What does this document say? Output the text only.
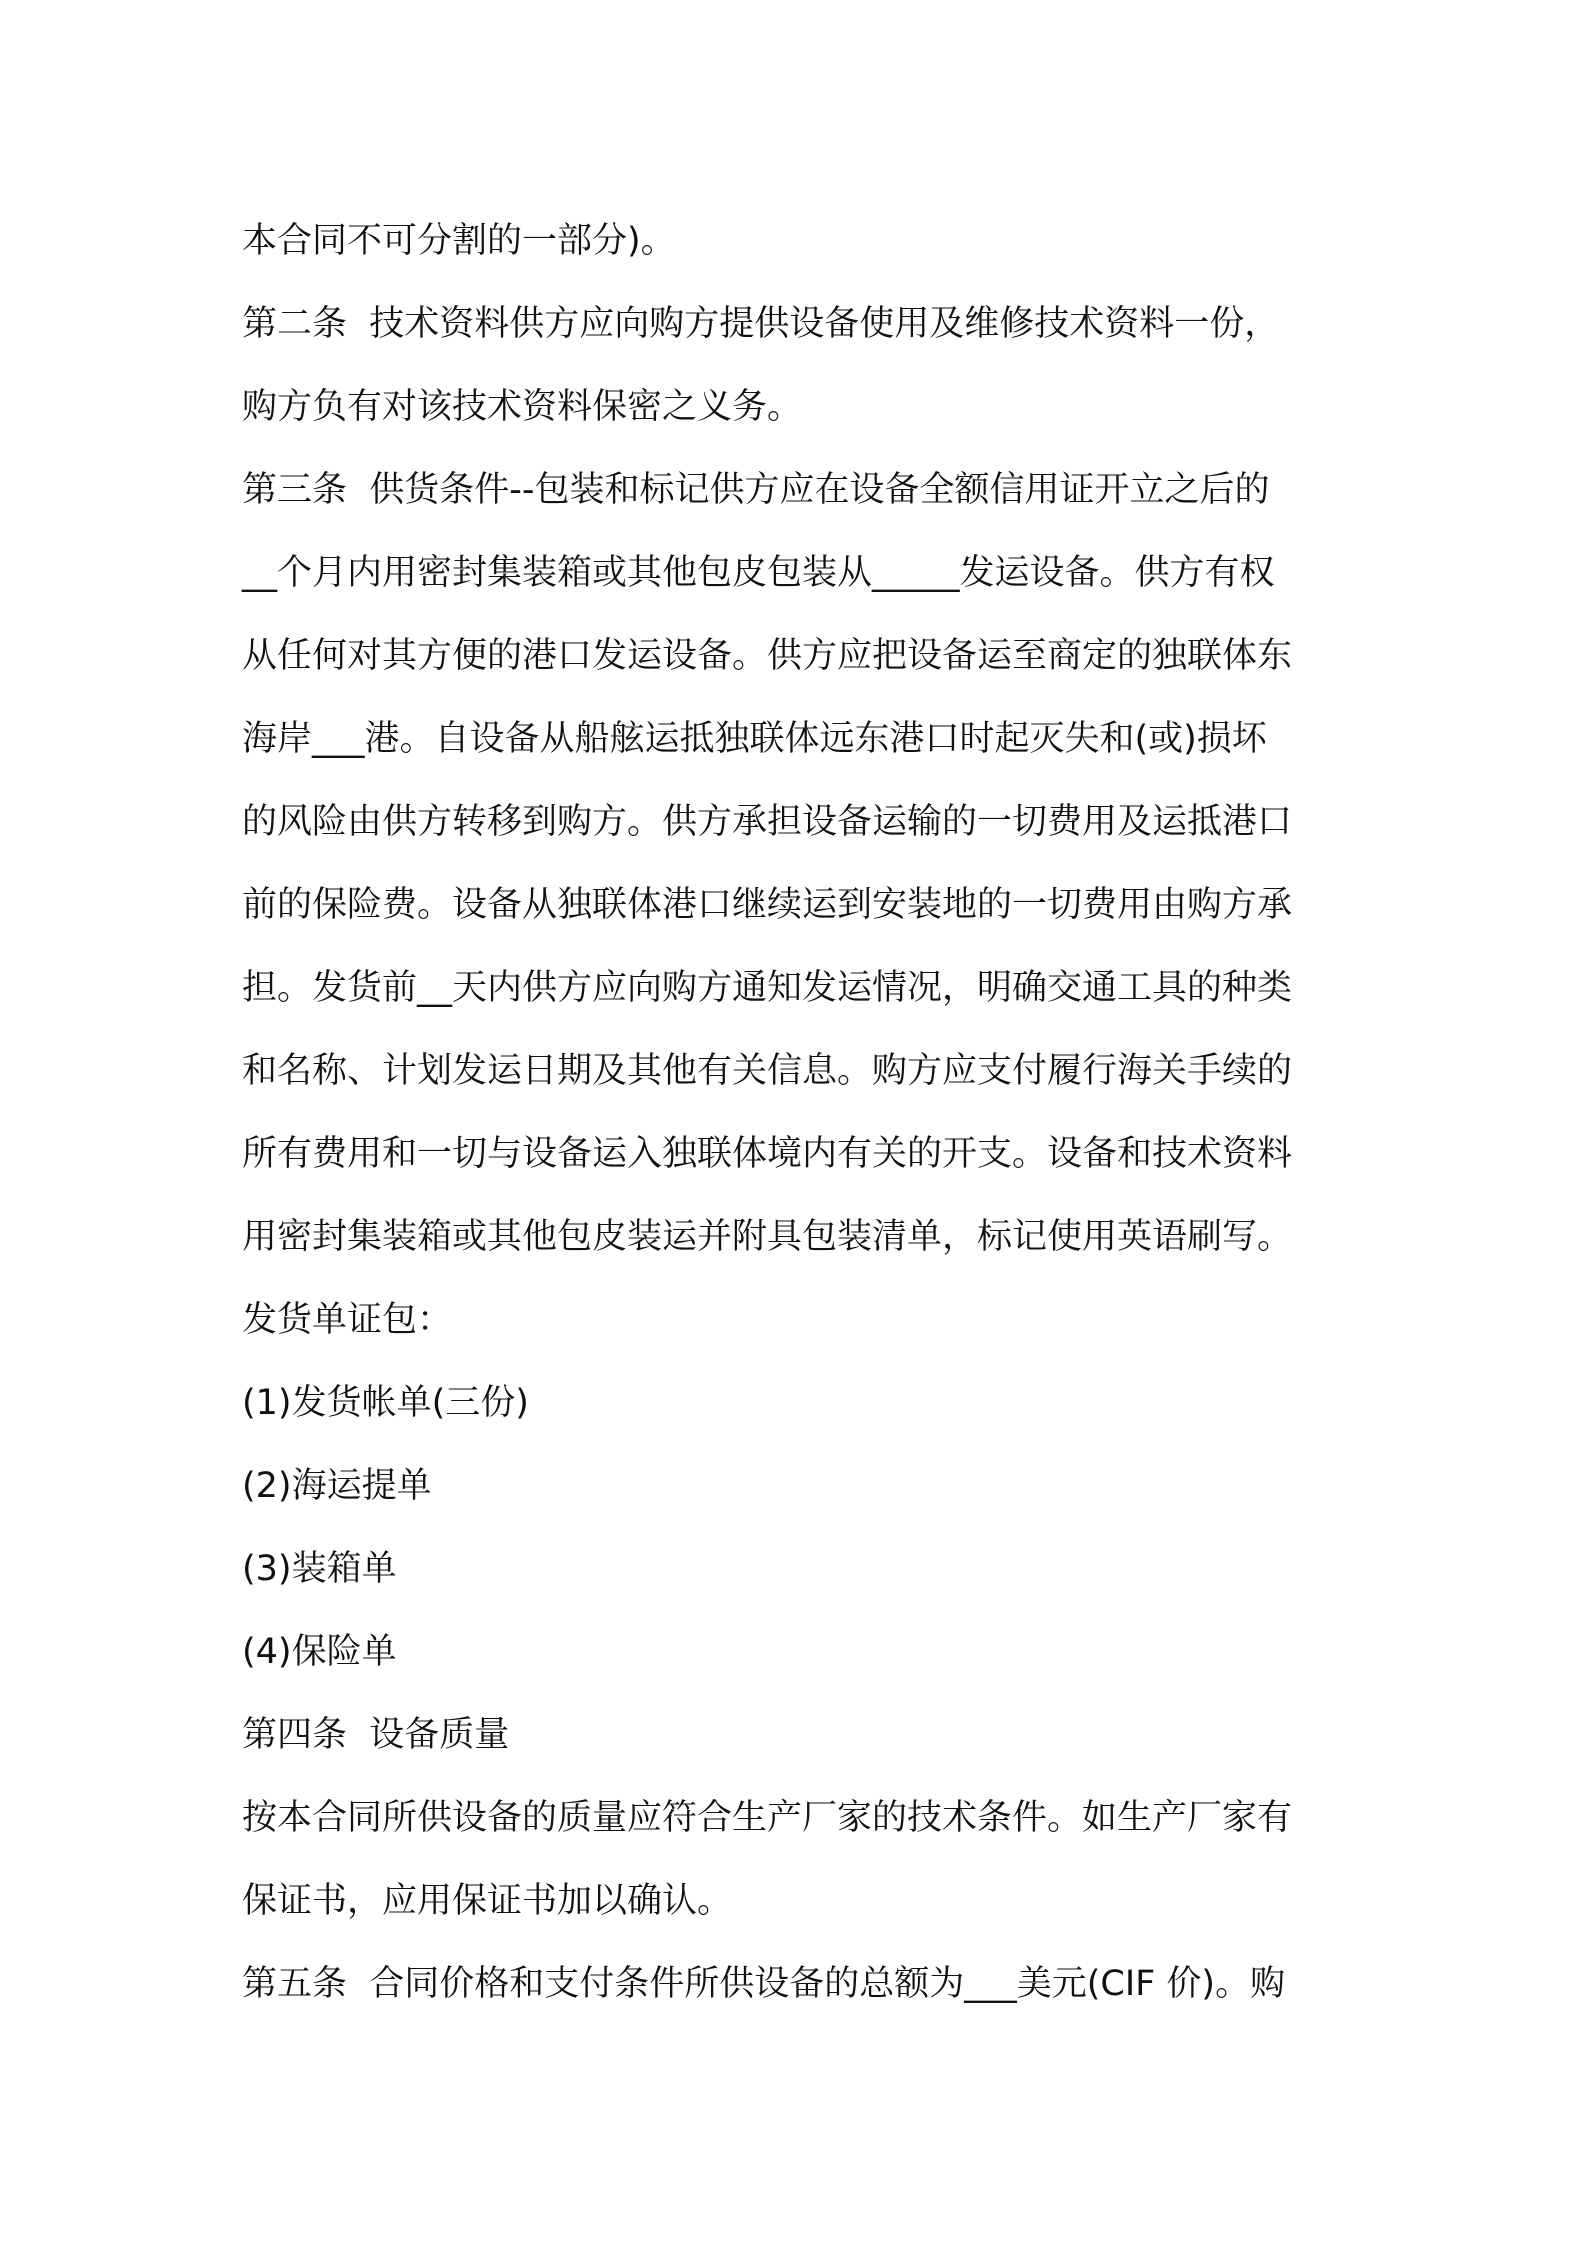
本合同不可分割的一部分)。
第二条  技术资料供方应向购方提供设备使用及维修技术资料一份，
购方负有对该技术资料保密之义务。
第三条  供货条件--包装和标记供方应在设备全额信用证开立之后的
__个月内用密封集装箱或其他包皮包装从_____发运设备。供方有权
从任何对其方便的港口发运设备。供方应把设备运至商定的独联体东
海岸___港。自设备从船舷运抵独联体远东港口时起灭失和(或)损坏
的风险由供方转移到购方。供方承担设备运输的一切费用及运抵港口
前的保险费。设备从独联体港口继续运到安装地的一切费用由购方承
担。发货前__天内供方应向购方通知发运情况，明确交通工具的种类
和名称、计划发运日期及其他有关信息。购方应支付履行海关手续的
所有费用和一切与设备运入独联体境内有关的开支。设备和技术资料
用密封集装箱或其他包皮装运并附具包装清单，标记使用英语刷写。
发货单证包：
(1)发货帐单(三份)
(2)海运提单
(3)装箱单
(4)保险单
第四条  设备质量
按本合同所供设备的质量应符合生产厂家的技术条件。如生产厂家有
保证书，应用保证书加以确认。
第五条  合同价格和支付条件所供设备的总额为___美元(CIF 价)。购
